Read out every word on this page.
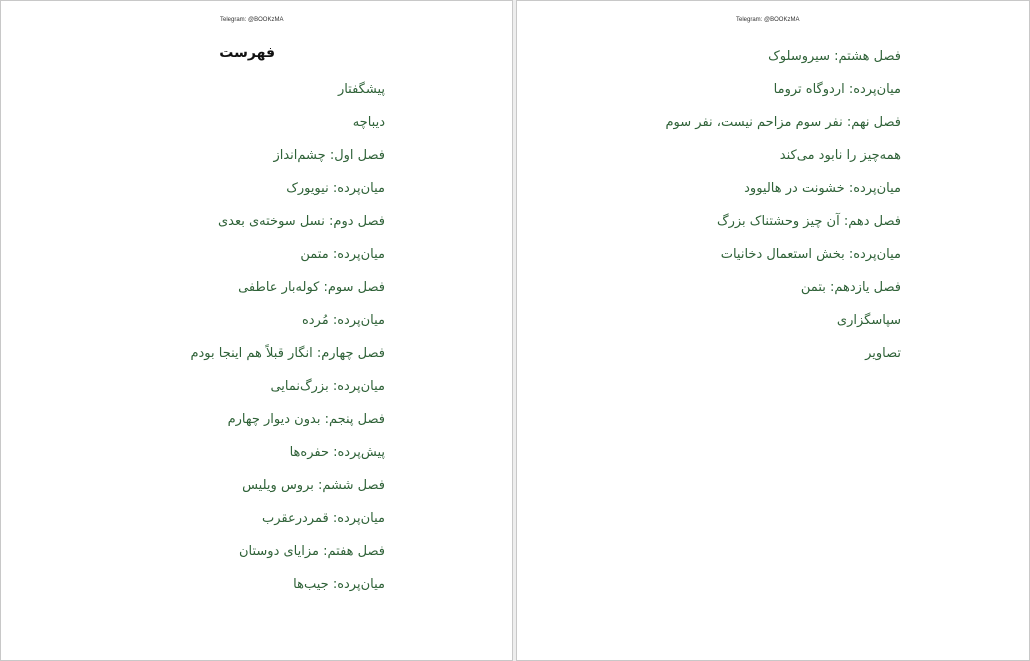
Telegram: @BOOKzMA
فهرست
پیشگفتار
دیباچه
فصل اول: چشم‌انداز
میان‌پرده: نیویورک
فصل دوم: نسل سوخته‌ی بعدی
میان‌پرده: متمن
فصل سوم: کوله‌بار عاطفی
میان‌پرده: مُرده
فصل چهارم: انگار قبلاً هم اینجا بودم
میان‌پرده: بزرگ‌نمایی
فصل پنجم: بدون دیوار چهارم
پیش‌پرده: حفره‌ها
فصل ششم: بروس ویلیس
میان‌پرده: قمردرعقرب
فصل هفتم: مزایای دوستان
میان‌پرده: جیب‌ها
Telegram: @BOOKzMA
فصل هشتم: سیروسلوک
میان‌پرده: اردوگاه تروما
فصل نهم: نفر سوم مزاحم نیست، نفر سوم
همه‌چیز را نابود می‌کند
میان‌پرده: خشونت در هالیوود
فصل دهم: آن چیز وحشتناک بزرگ
میان‌پرده: بخش استعمال دخانیات
فصل یازدهم: بتمن
سپاسگزاری
تصاویر
